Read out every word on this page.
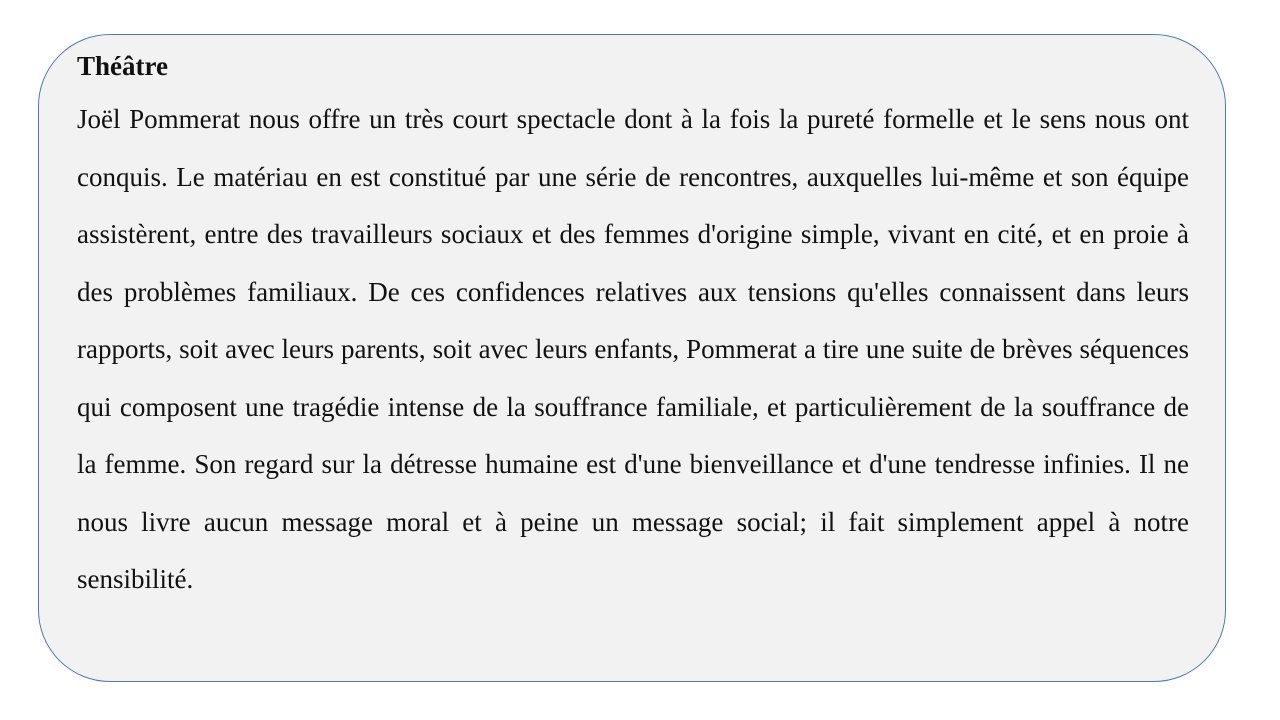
Théâtre

Joël Pommerat nous offre un très court spectacle dont à la fois la pureté formelle et le sens nous ont conquis. Le matériau en est constitué par une série de rencontres, auxquelles lui-même et son équipe assistèrent, entre des travailleurs sociaux et des femmes d'origine simple, vivant en cité, et en proie à des problèmes familiaux. De ces confidences relatives aux tensions qu'elles connaissent dans leurs rapports, soit avec leurs parents, soit avec leurs enfants, Pommerat a tire une suite de brèves séquences qui composent une tragédie intense de la souffrance familiale, et particulièrement de la souffrance de la femme. Son regard sur la détresse humaine est d'une bienveillance et d'une tendresse infinies. Il ne nous livre aucun message moral et à peine un message social; il fait simplement appel à notre sensibilité.
